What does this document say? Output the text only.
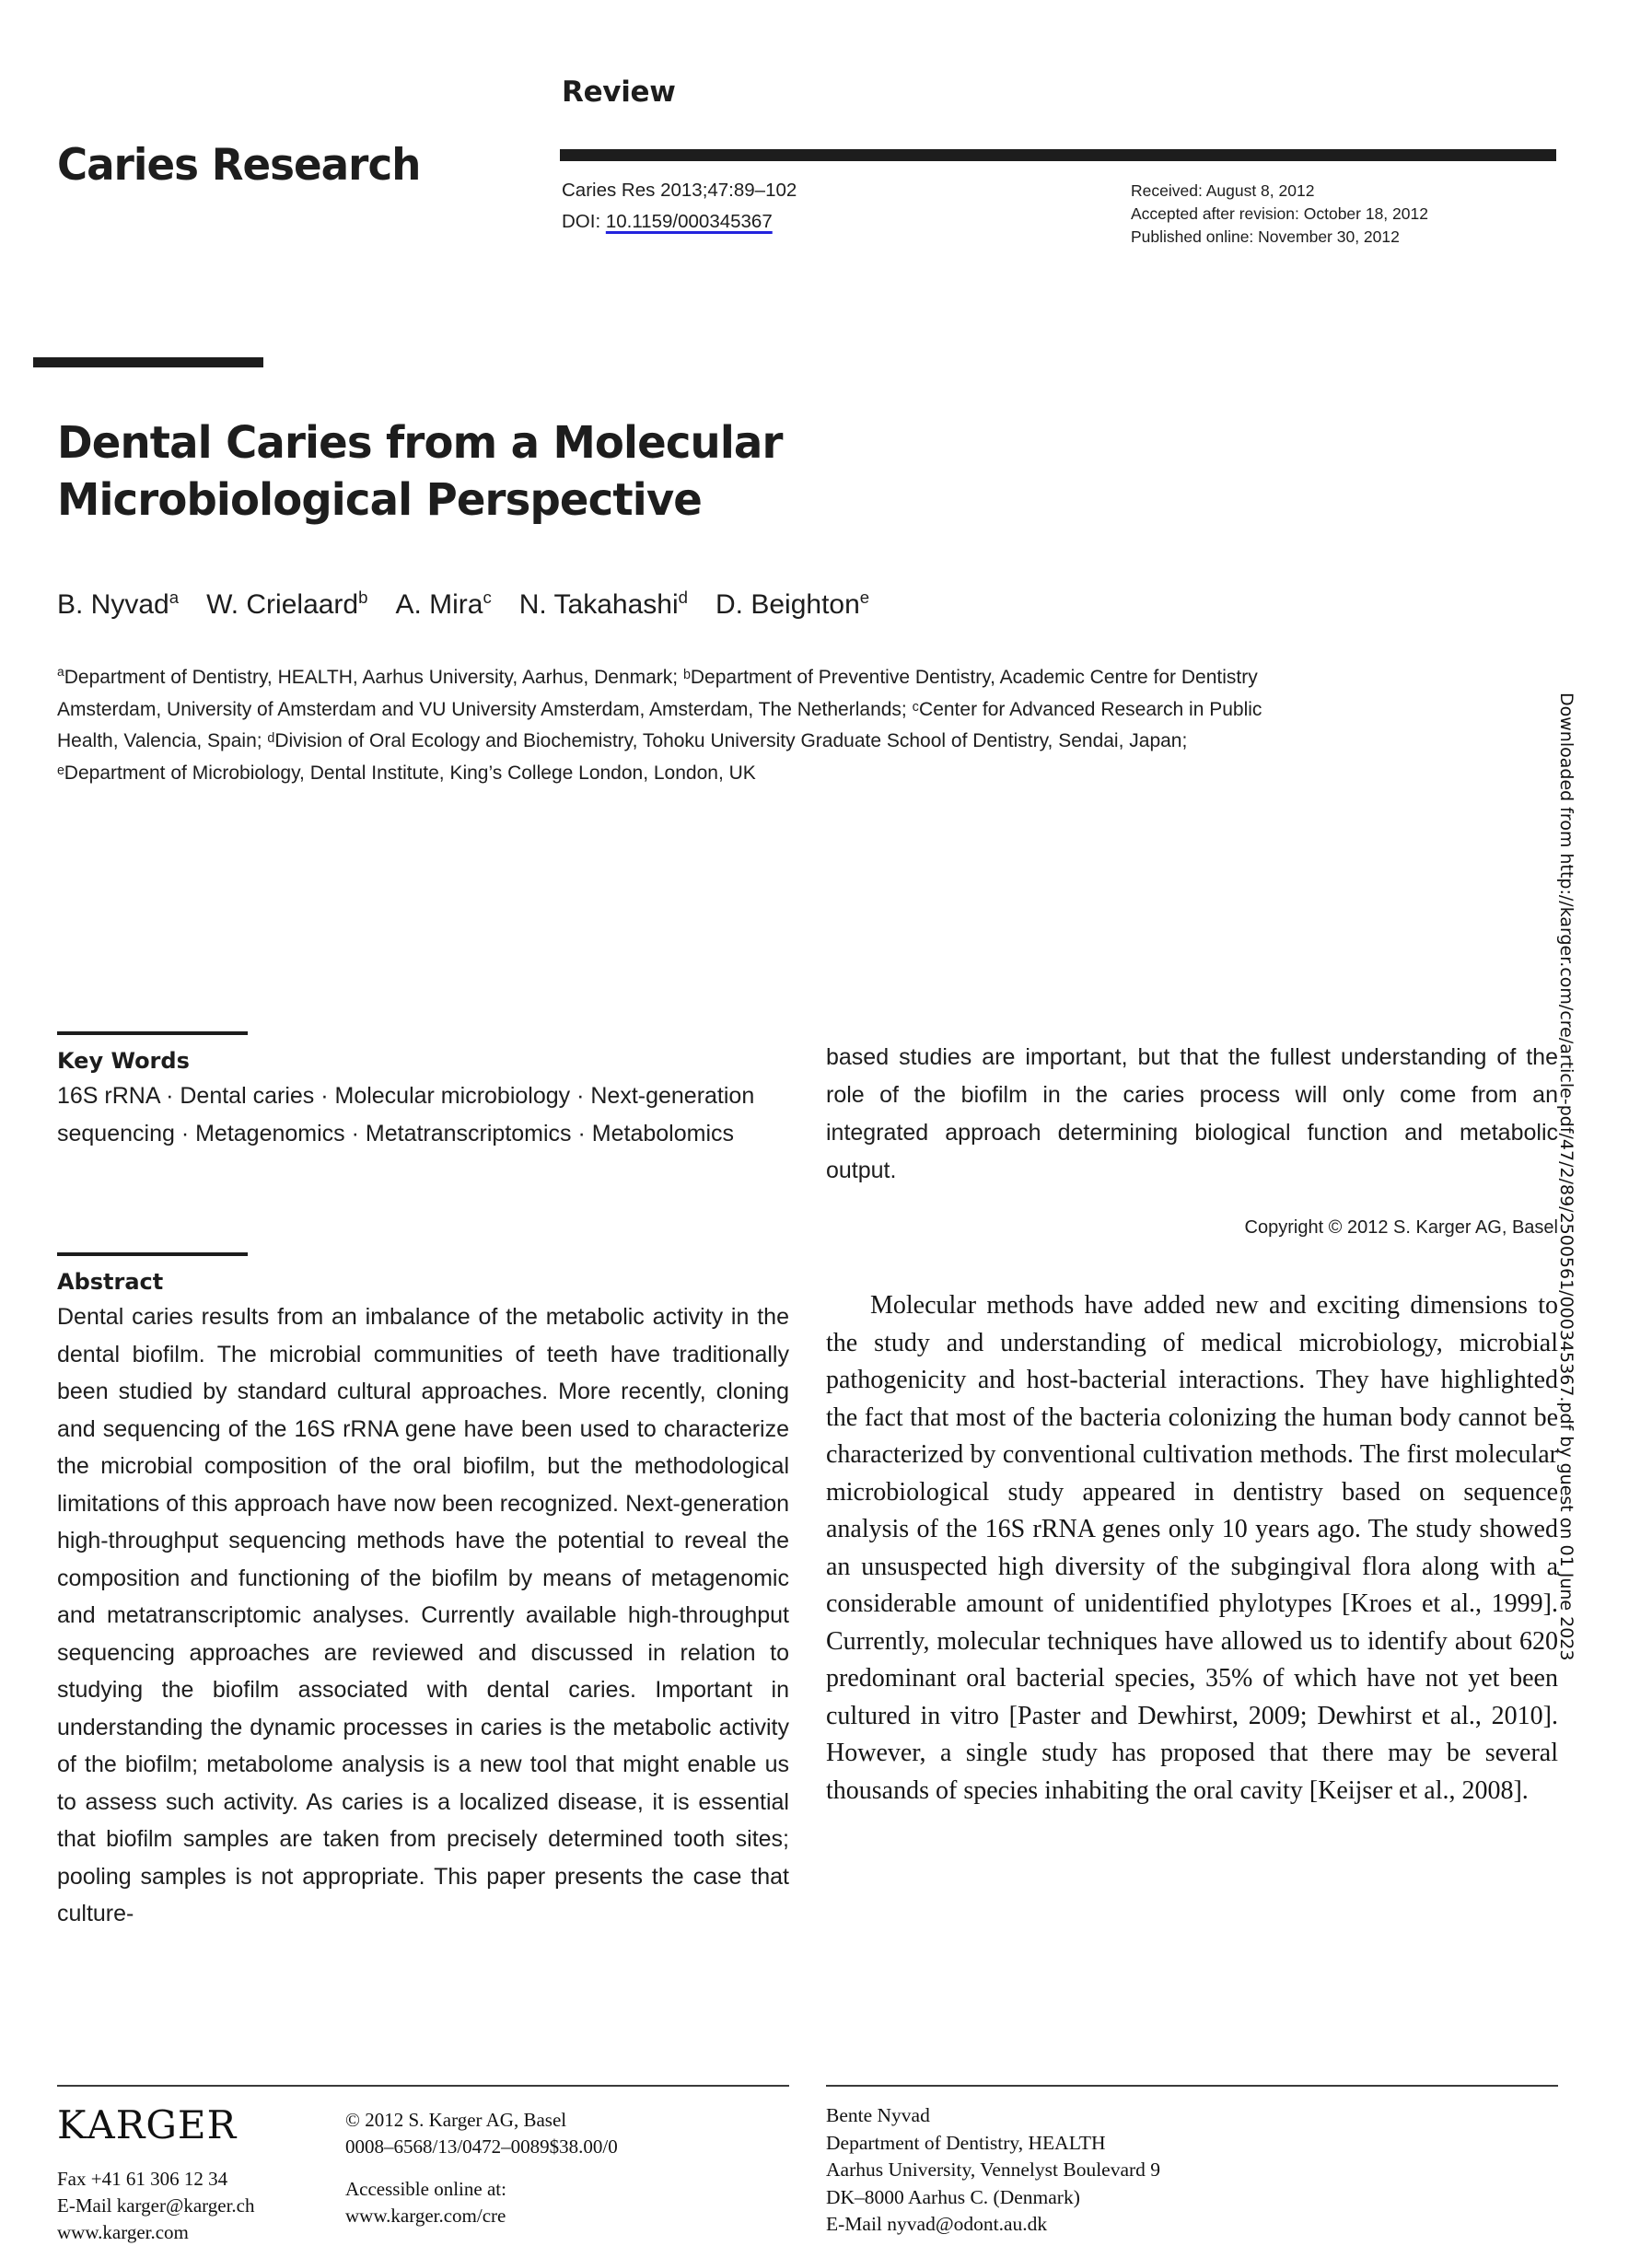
Caries Research
Review
Caries Res 2013;47:89–102
DOI: 10.1159/000345367
Received: August 8, 2012
Accepted after revision: October 18, 2012
Published online: November 30, 2012
Dental Caries from a Molecular Microbiological Perspective
B. Nyvad$^a$ W. Crielaard$^b$ A. Mira$^c$ N. Takahashi$^d$ D. Beighton$^e$
$^a$Department of Dentistry, HEALTH, Aarhus University, Aarhus, Denmark; ᵇDepartment of Preventive Dentistry, Academic Centre for Dentistry Amsterdam, University of Amsterdam and VU University Amsterdam, Amsterdam, The Netherlands; ᶜCenter for Advanced Research in Public Health, Valencia, Spain; ᵈDivision of Oral Ecology and Biochemistry, Tohoku University Graduate School of Dentistry, Sendai, Japan; ᵉDepartment of Microbiology, Dental Institute, King’s College London, London, UK
Key Words
16S rRNA · Dental caries · Molecular microbiology · Next-generation sequencing · Metagenomics · Metatranscriptomics · Metabolomics
Abstract
Dental caries results from an imbalance of the metabolic activity in the dental biofilm. The microbial communities of teeth have traditionally been studied by standard cultural approaches. More recently, cloning and sequencing of the 16S rRNA gene have been used to characterize the microbial composition of the oral biofilm, but the methodological limitations of this approach have now been recognized. Next-generation high-throughput sequencing methods have the potential to reveal the composition and functioning of the biofilm by means of metagenomic and metatranscriptomic analyses. Currently available high-throughput sequencing approaches are reviewed and discussed in relation to studying the biofilm associated with dental caries. Important in understanding the dynamic processes in caries is the metabolic activity of the biofilm; metabolome analysis is a new tool that might enable us to assess such activity. As caries is a localized disease, it is essential that biofilm samples are taken from precisely determined tooth sites; pooling samples is not appropriate. This paper presents the case that culture-
based studies are important, but that the fullest understanding of the role of the biofilm in the caries process will only come from an integrated approach determining biological function and metabolic output.
Copyright © 2012 S. Karger AG, Basel
Molecular methods have added new and exciting dimensions to the study and understanding of medical microbiology, microbial pathogenicity and host-bacterial interactions. They have highlighted the fact that most of the bacteria colonizing the human body cannot be characterized by conventional cultivation methods. The first molecular microbiological study appeared in dentistry based on sequence analysis of the 16S rRNA genes only 10 years ago. The study showed an unsuspected high diversity of the subgingival flora along with a considerable amount of unidentified phylotypes [Kroes et al., 1999]. Currently, molecular techniques have allowed us to identify about 620 predominant oral bacterial species, 35% of which have not yet been cultured in vitro [Paster and Dewhirst, 2009; Dewhirst et al., 2010]. However, a single study has proposed that there may be several thousands of species inhabiting the oral cavity [Keijser et al., 2008].
KARGER
Fax +41 61 306 12 34
E-Mail karger@karger.ch
www.karger.com
© 2012 S. Karger AG, Basel
0008–6568/13/0472–0089$38.00/0
Accessible online at:
www.karger.com/cre
Bente Nyvad
Department of Dentistry, HEALTH
Aarhus University, Vennelyst Boulevard 9
DK–8000 Aarhus C. (Denmark)
E-Mail nyvad@odont.au.dk
Downloaded from http://karger.com/cre/article-pdf/47/2/89/2500561/000345367.pdf by guest on 01 June 2023
